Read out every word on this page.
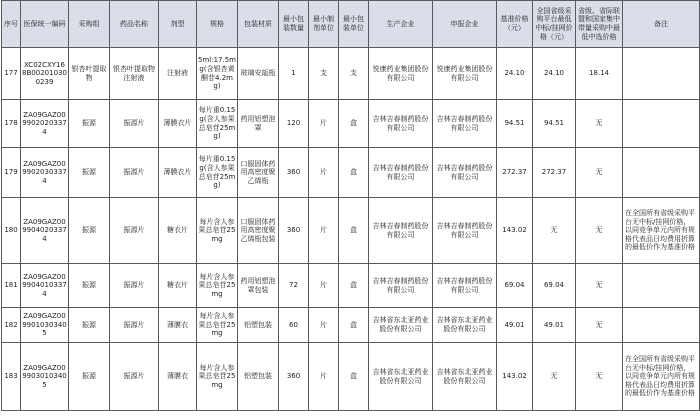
序号	医保统一编码	采购组	药品名称	剂型	规格	包装材质	最小包装数量	最小制剂单位	最小包装单位	生产企业	申报企业	基准价格（元）	全国省级采购平台最低中标/挂网价格（元）	省级、省际联盟和国家集中带量采购中最低中选价格	备注
177	XC02CXY168B002010300239	银杏叶提取物	银杏叶提取物注射液	注射液	5ml:17.5mg(含银杏黄酮苷4.2mg)	玻璃安瓿瓶	1	支	支	悦康药业集团股份有限公司	悦康药业集团股份有限公司	24.10	24.10	18.14	
178	ZA09GAZ0099020203374	振源	振源片	薄膜衣片	每片重0.15g(含人参果总皂苷25mg)	药用铝塑泡罩	120	片	盒	吉林吉春制药股份有限公司	吉林吉春制药股份有限公司	94.51	94.51	无	
179	ZA09GAZ0099020303374	振源	振源片	薄膜衣片	每片重0.15g(含人参果总皂苷25mg)	口服固体药用高密度聚乙烯瓶	360	片	盒	吉林吉春制药股份有限公司	吉林吉春制药股份有限公司	272.37	272.37	无	
180	ZA09GAZ0099040203374	振源	振源片	糖衣片	每片含人参果总皂苷25mg	口服固体药用高密度聚乙烯瓶包装	360	片	盒	吉林吉春制药股份有限公司	吉林吉春制药股份有限公司	143.02	无	无	在全国所有省级采购平台无中标/挂网价格，以同竞争单元内所有规格代表品日均费用折算的最低价作为基准价格
181	ZA09GAZ0099040103374	振源	振源片	糖衣片	每片含人参果总皂苷25mg	药用铝塑泡罩包装	72	片	盒	吉林吉春制药股份有限公司	吉林吉春制药股份有限公司	69.04	69.04	无	
182	ZA09GAZ0099010303405	振源	振源片	薄膜衣	每片含人参果总皂苷25mg	铝塑包装	60	片	盒	吉林省东北亚药业股份有限公司	吉林省东北亚药业股份有限公司	49.01	49.01	无	
183	ZA09GAZ0099030103405	振源	振源片	薄膜衣	每片含人参果总皂苷25mg	铝塑包装	360	片	盒	吉林省东北亚药业股份有限公司	吉林省东北亚药业股份有限公司	143.02	无	无	在全国所有省级采购平台无中标/挂网价格，以同竞争单元内所有规格代表品日均费用折算的最低价作为基准价格
